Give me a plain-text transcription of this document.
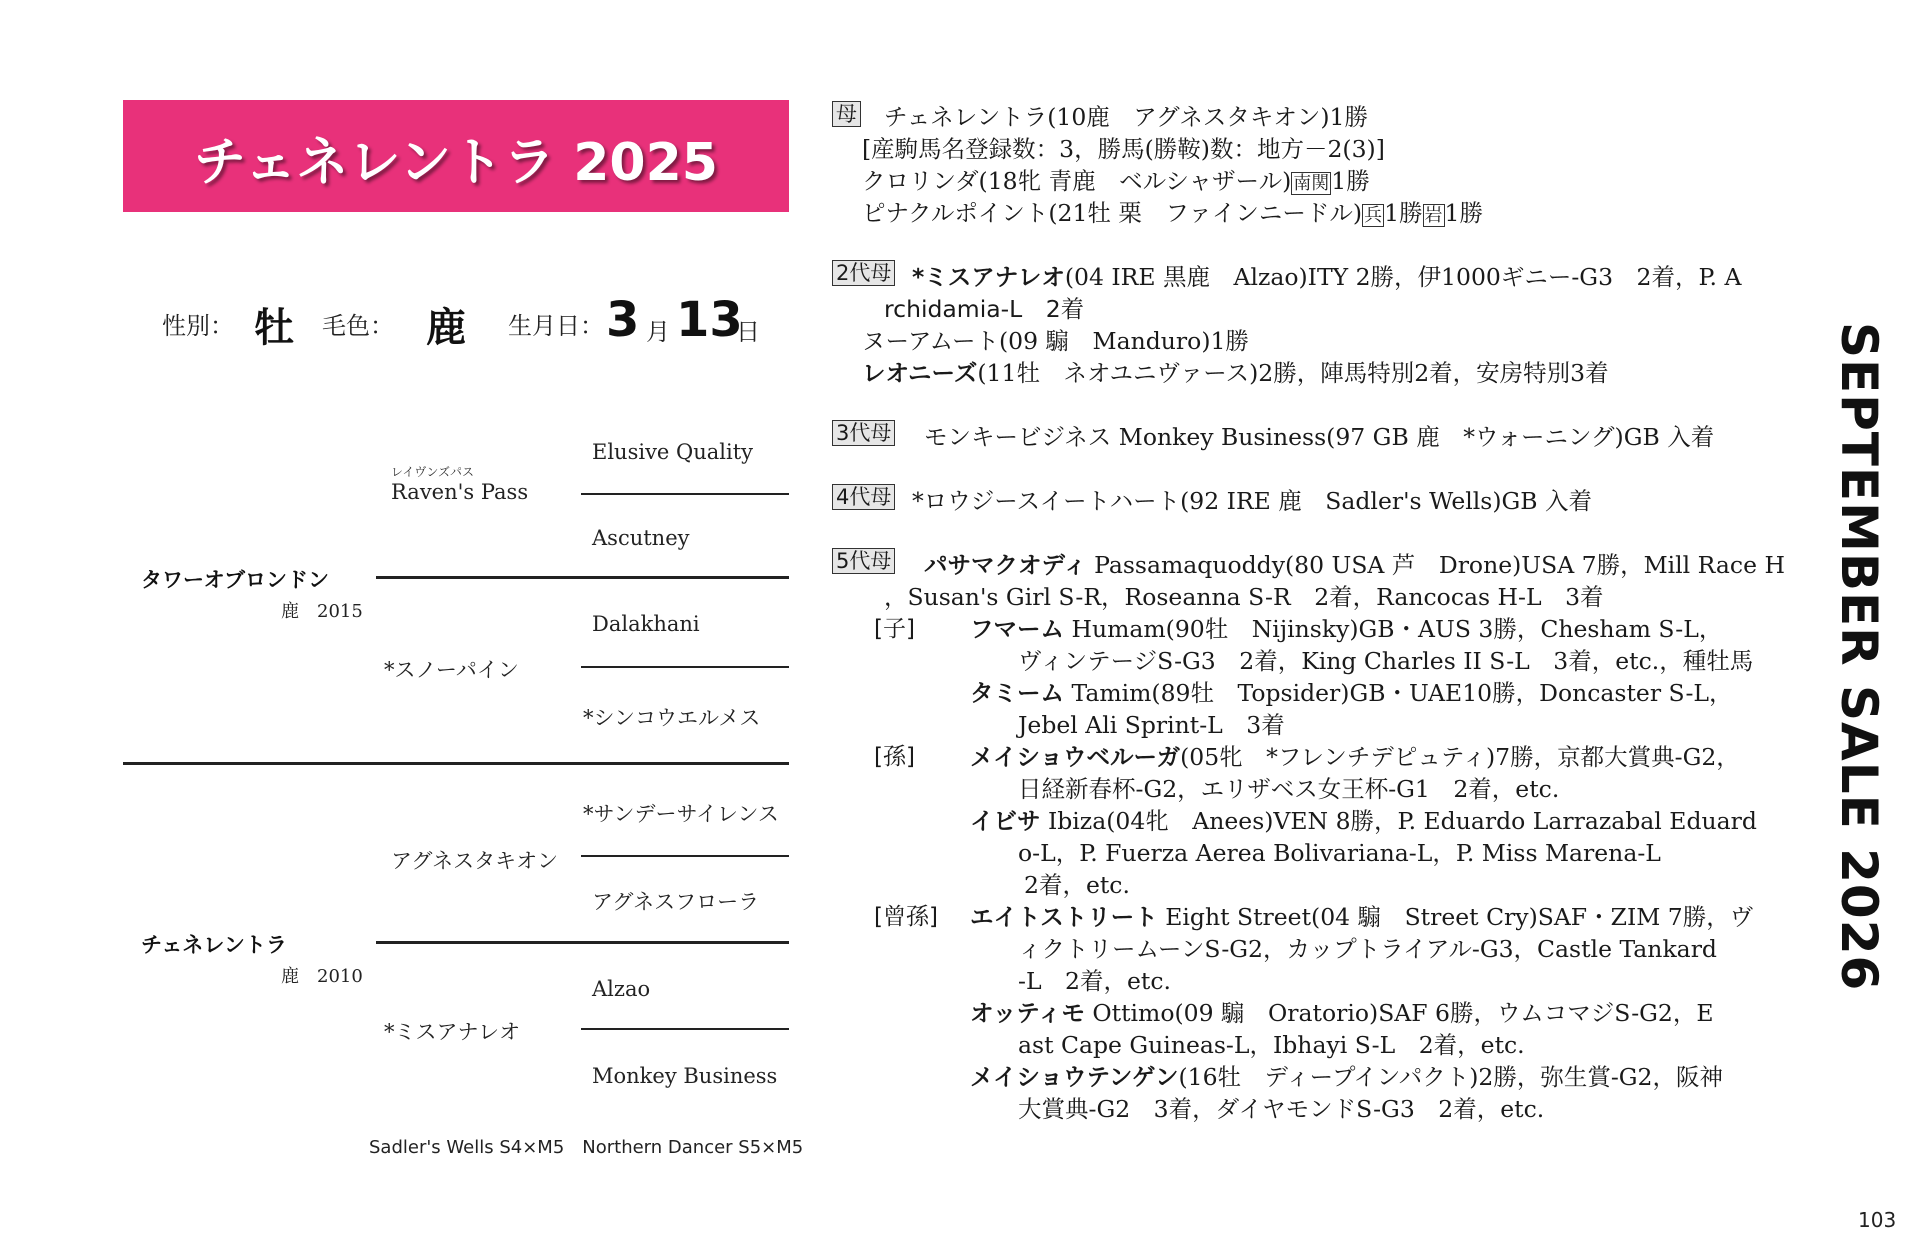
チェネレントラ 2025
性別： 牡 毛色： 鹿 生月日： 3 月 13
日
タワーオブロンドン
鹿　2015
チェネレントラ
鹿　2010
レイヴンズパス
Raven's Pass
*スノーパイン
アグネスタキオン
*ミスアナレオ
Elusive Quality
Ascutney
Dalakhani
*シンコウエルメス
*サンデーサイレンス
アグネスフローラ
Alzao
Monkey Business
Sadler's Wells S4×M5　Northern Dancer S5×M5
母 チェネレントラ(10鹿　アグネスタキオン)1勝
[産駒馬名登録数：3，勝馬(勝鞍)数：地方－2(3)]
クロリンダ(18牝 青鹿　ベルシャザール) 南関1勝
ピナクルポイント(21牡 栗　ファインニードル) 兵1勝 岩1勝
2代母 *ミスアナレオ(04 IRE 黒鹿　Alzao)ITY 2勝，伊1000ギニー-G3　2着，P. A
rchidamia-L　2着
ヌーアムート(09 騸　Manduro)1勝
レオニーズ(11牡　ネオユニヴァース)2勝，陣馬特別2着，安房特別3着
3代母 モンキービジネス Monkey Business(97 GB 鹿　*ウォーニング)GB 入着
4代母 *ロウジースイートハート(92 IRE 鹿　Sadler's Wells)GB 入着
5代母 パサマクオディ Passamaquoddy(80 USA 芦　Drone)USA 7勝，Mill Race H
，Susan's Girl S-R，Roseanna S-R　2着，Rancocas H-L　3着
[子] フマーム Humam(90牡　Nijinsky)GB・AUS 3勝，Chesham S-L，
ヴィンテージS-G3　2着，King Charles II S-L　3着，etc.，種牡馬
タミーム Tamim(89牡　Topsider)GB・UAE10勝，Doncaster S-L，
Jebel Ali Sprint-L　3着
[孫] メイショウベルーガ(05牝　*フレンチデピュティ)7勝，京都大賞典-G2，
日経新春杯-G2，エリザベス女王杯-G1　2着，etc.
イビサ Ibiza(04牝　Anees)VEN 8勝，P. Eduardo Larrazabal Eduard
o-L，P. Fuerza Aerea Bolivariana-L，P. Miss Marena-L
2着，etc.
[曾孫] エイトストリート Eight Street(04 騸　Street Cry)SAF・ZIM 7勝，ヴ
ィクトリームーンS-G2，カップトライアル-G3，Castle Tankard
-L　2着，etc.
オッティモ Ottimo(09 騸　Oratorio)SAF 6勝，ウムコマジS-G2，E
ast Cape Guineas-L，Ibhayi S-L　2着，etc.
メイショウテンゲン(16牡　ディープインパクト)2勝，弥生賞-G2，阪神
大賞典-G2　3着，ダイヤモンドS-G3　2着，etc.
SEPTEMBER SALE 2026
103
